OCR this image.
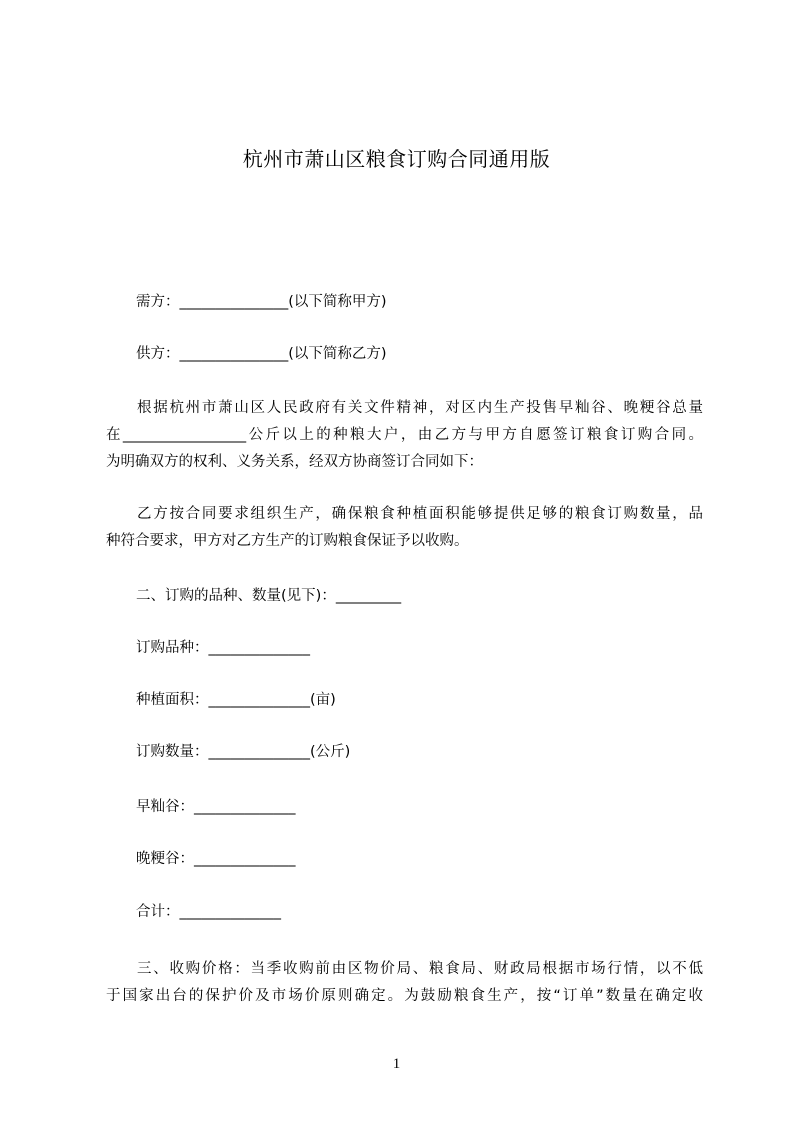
杭州市萧山区粮食订购合同通用版
需方：_______________(以下简称甲方)
供方：_______________(以下简称乙方)
根据杭州市萧山区人民政府有关文件精神，对区内生产投售早籼谷、晚粳谷总量
在_________________公斤以上的种粮大户，由乙方与甲方自愿签订粮食订购合同。
为明确双方的权利、义务关系，经双方协商签订合同如下：
乙方按合同要求组织生产，确保粮食种植面积能够提供足够的粮食订购数量，品
种符合要求，甲方对乙方生产的订购粮食保证予以收购。
二、订购的品种、数量(见下)：_________
订购品种：______________
种植面积：______________(亩)
订购数量：______________(公斤)
早籼谷：______________
晚粳谷：______________
合计：______________
三、收购价格：当季收购前由区物价局、粮食局、财政局根据市场行情，以不低
于国家出台的保护价及市场价原则确定。为鼓励粮食生产，按“订单”数量在确定收
1
